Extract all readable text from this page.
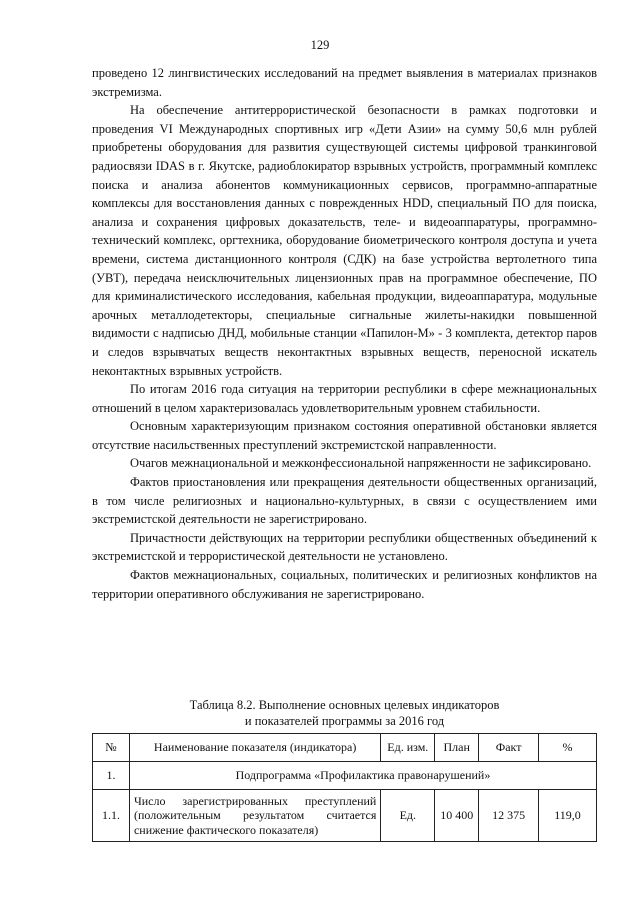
129

проведено 12 лингвистических исследований на предмет выявления в материалах признаков экстремизма.

На обеспечение антитеррористической безопасности в рамках подготовки и проведения VI Международных спортивных игр «Дети Азии» на сумму 50,6 млн рублей приобретены оборудования для развития существующей системы цифровой транкинговой радиосвязи IDAS в г. Якутске, радиоблокиратор взрывных устройств, программный комплекс поиска и анализа абонентов коммуникационных сервисов, программно-аппаратные комплексы для восстановления данных с поврежденных HDD, специальный ПО для поиска, анализа и сохранения цифровых доказательств, теле- и видеоаппаратуры, программно-технический комплекс, оргтехника, оборудование биометрического контроля доступа и учета времени, система дистанционного контроля (СДК) на базе устройства вертолетного типа (УВТ), передача неисключительных лицензионных прав на программное обеспечение, ПО для криминалистического исследования, кабельная продукции, видеоаппаратура, модульные арочных металлодетекторы, специальные сигнальные жилеты-накидки повышенной видимости с надписью ДНД, мобильные станции «Папилон-М» - 3 комплекта, детектор паров и следов взрывчатых веществ неконтактных взрывных веществ, переносной искатель неконтактных взрывных устройств.

По итогам 2016 года ситуация на территории республики в сфере межнациональных отношений в целом характеризовалась удовлетворительным уровнем стабильности.

Основным характеризующим признаком состояния оперативной обстановки является отсутствие насильственных преступлений экстремистской направленности.

Очагов межнациональной и межконфессиональной напряженности не зафиксировано.

Фактов приостановления или прекращения деятельности общественных организаций, в том числе религиозных и национально-культурных, в связи с осуществлением ими экстремистской деятельности не зарегистрировано.

Причастности действующих на территории республики общественных объединений к экстремистской и террористической деятельности не установлено.

Фактов межнациональных, социальных, политических и религиозных конфликтов на территории оперативного обслуживания не зарегистрировано.

Таблица 8.2. Выполнение основных целевых индикаторов
и показателей программы за 2016 год
№	Наименование показателя (индикатора)	Ед. изм.	План	Факт	%
1.	Подпрограмма «Профилактика правонарушений»				
1.1.	Число зарегистрированных преступлений (положительным результатом считается снижение фактического показателя)	Ед.	10 400	12 375	119,0
